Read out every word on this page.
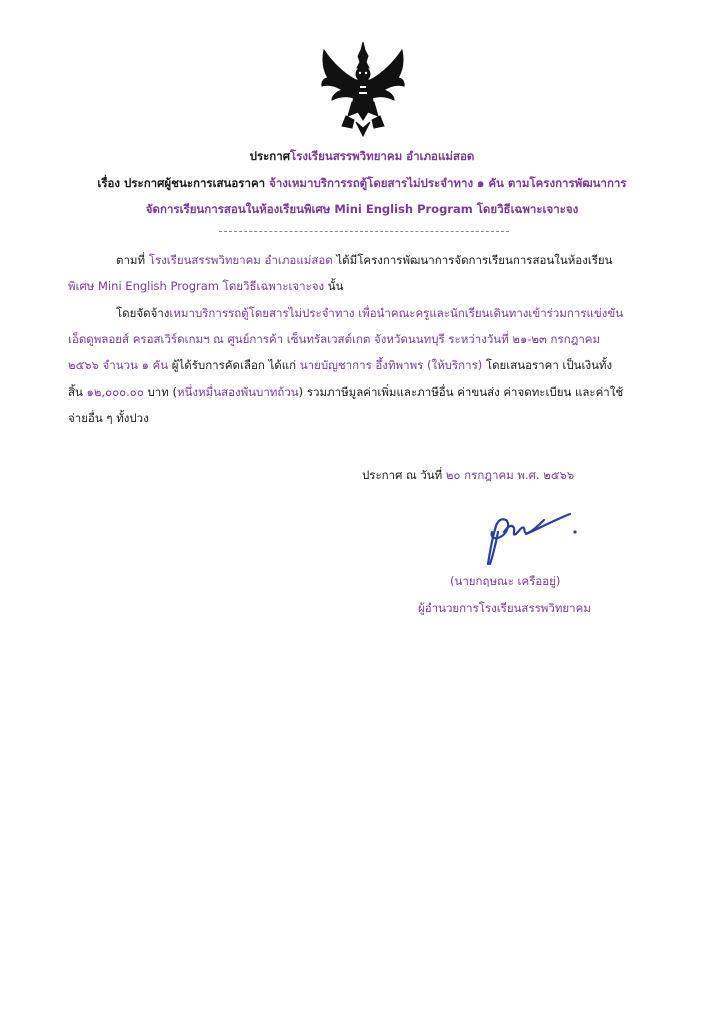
ประกาศโรงเรียนสรรพวิทยาคม อำเภอแม่สอด
เรื่อง ประกาศผู้ชนะการเสนอราคา จ้างเหมาบริการรถตู้โดยสารไม่ประจำทาง ๑ คัน ตามโครงการพัฒนาการ
จัดการเรียนการสอนในห้องเรียนพิเศษ Mini English Program โดยวิธีเฉพาะเจาะจง
ตามที่ โรงเรียนสรรพวิทยาคม อำเภอแม่สอด ได้มีโครงการพัฒนาการจัดการเรียนการสอนในห้องเรียน
พิเศษ Mini English Program โดยวิธีเฉพาะเจาะจง นั้น
โดยจัดจ้างเหมาบริการรถตู้โดยสารไม่ประจำทาง เพื่อนำคณะครูและนักเรียนเดินทางเข้าร่วมการแข่งขัน
เอ็ดดูพลอยส์ ครอสเวิร์ดเกมฯ ณ ศูนย์การค้า เซ็นทรัลเวสต์เกต จังหวัดนนทบุรี ระหว่างวันที่ ๒๑-๒๓ กรกฎาคม
๒๕๖๖ จำนวน ๑ คัน ผู้ได้รับการคัดเลือก ได้แก่ นายบัญชาการ อึ้งทิพาพร (ให้บริการ) โดยเสนอราคา เป็นเงินทั้ง
สิ้น ๑๒,๐๐๐.๐๐ บาท (หนึ่งหมื่นสองพันบาทถ้วน) รวมภาษีมูลค่าเพิ่มและภาษีอื่น ค่าขนส่ง ค่าจดทะเบียน และค่าใช้
จ่ายอื่น ๆ ทั้งปวง
ประกาศ ณ วันที่ ๒๐ กรกฎาคม พ.ศ. ๒๕๖๖
(นายกฤษณะ เครืออยู่)
ผู้อำนวยการโรงเรียนสรรพวิทยาคม
